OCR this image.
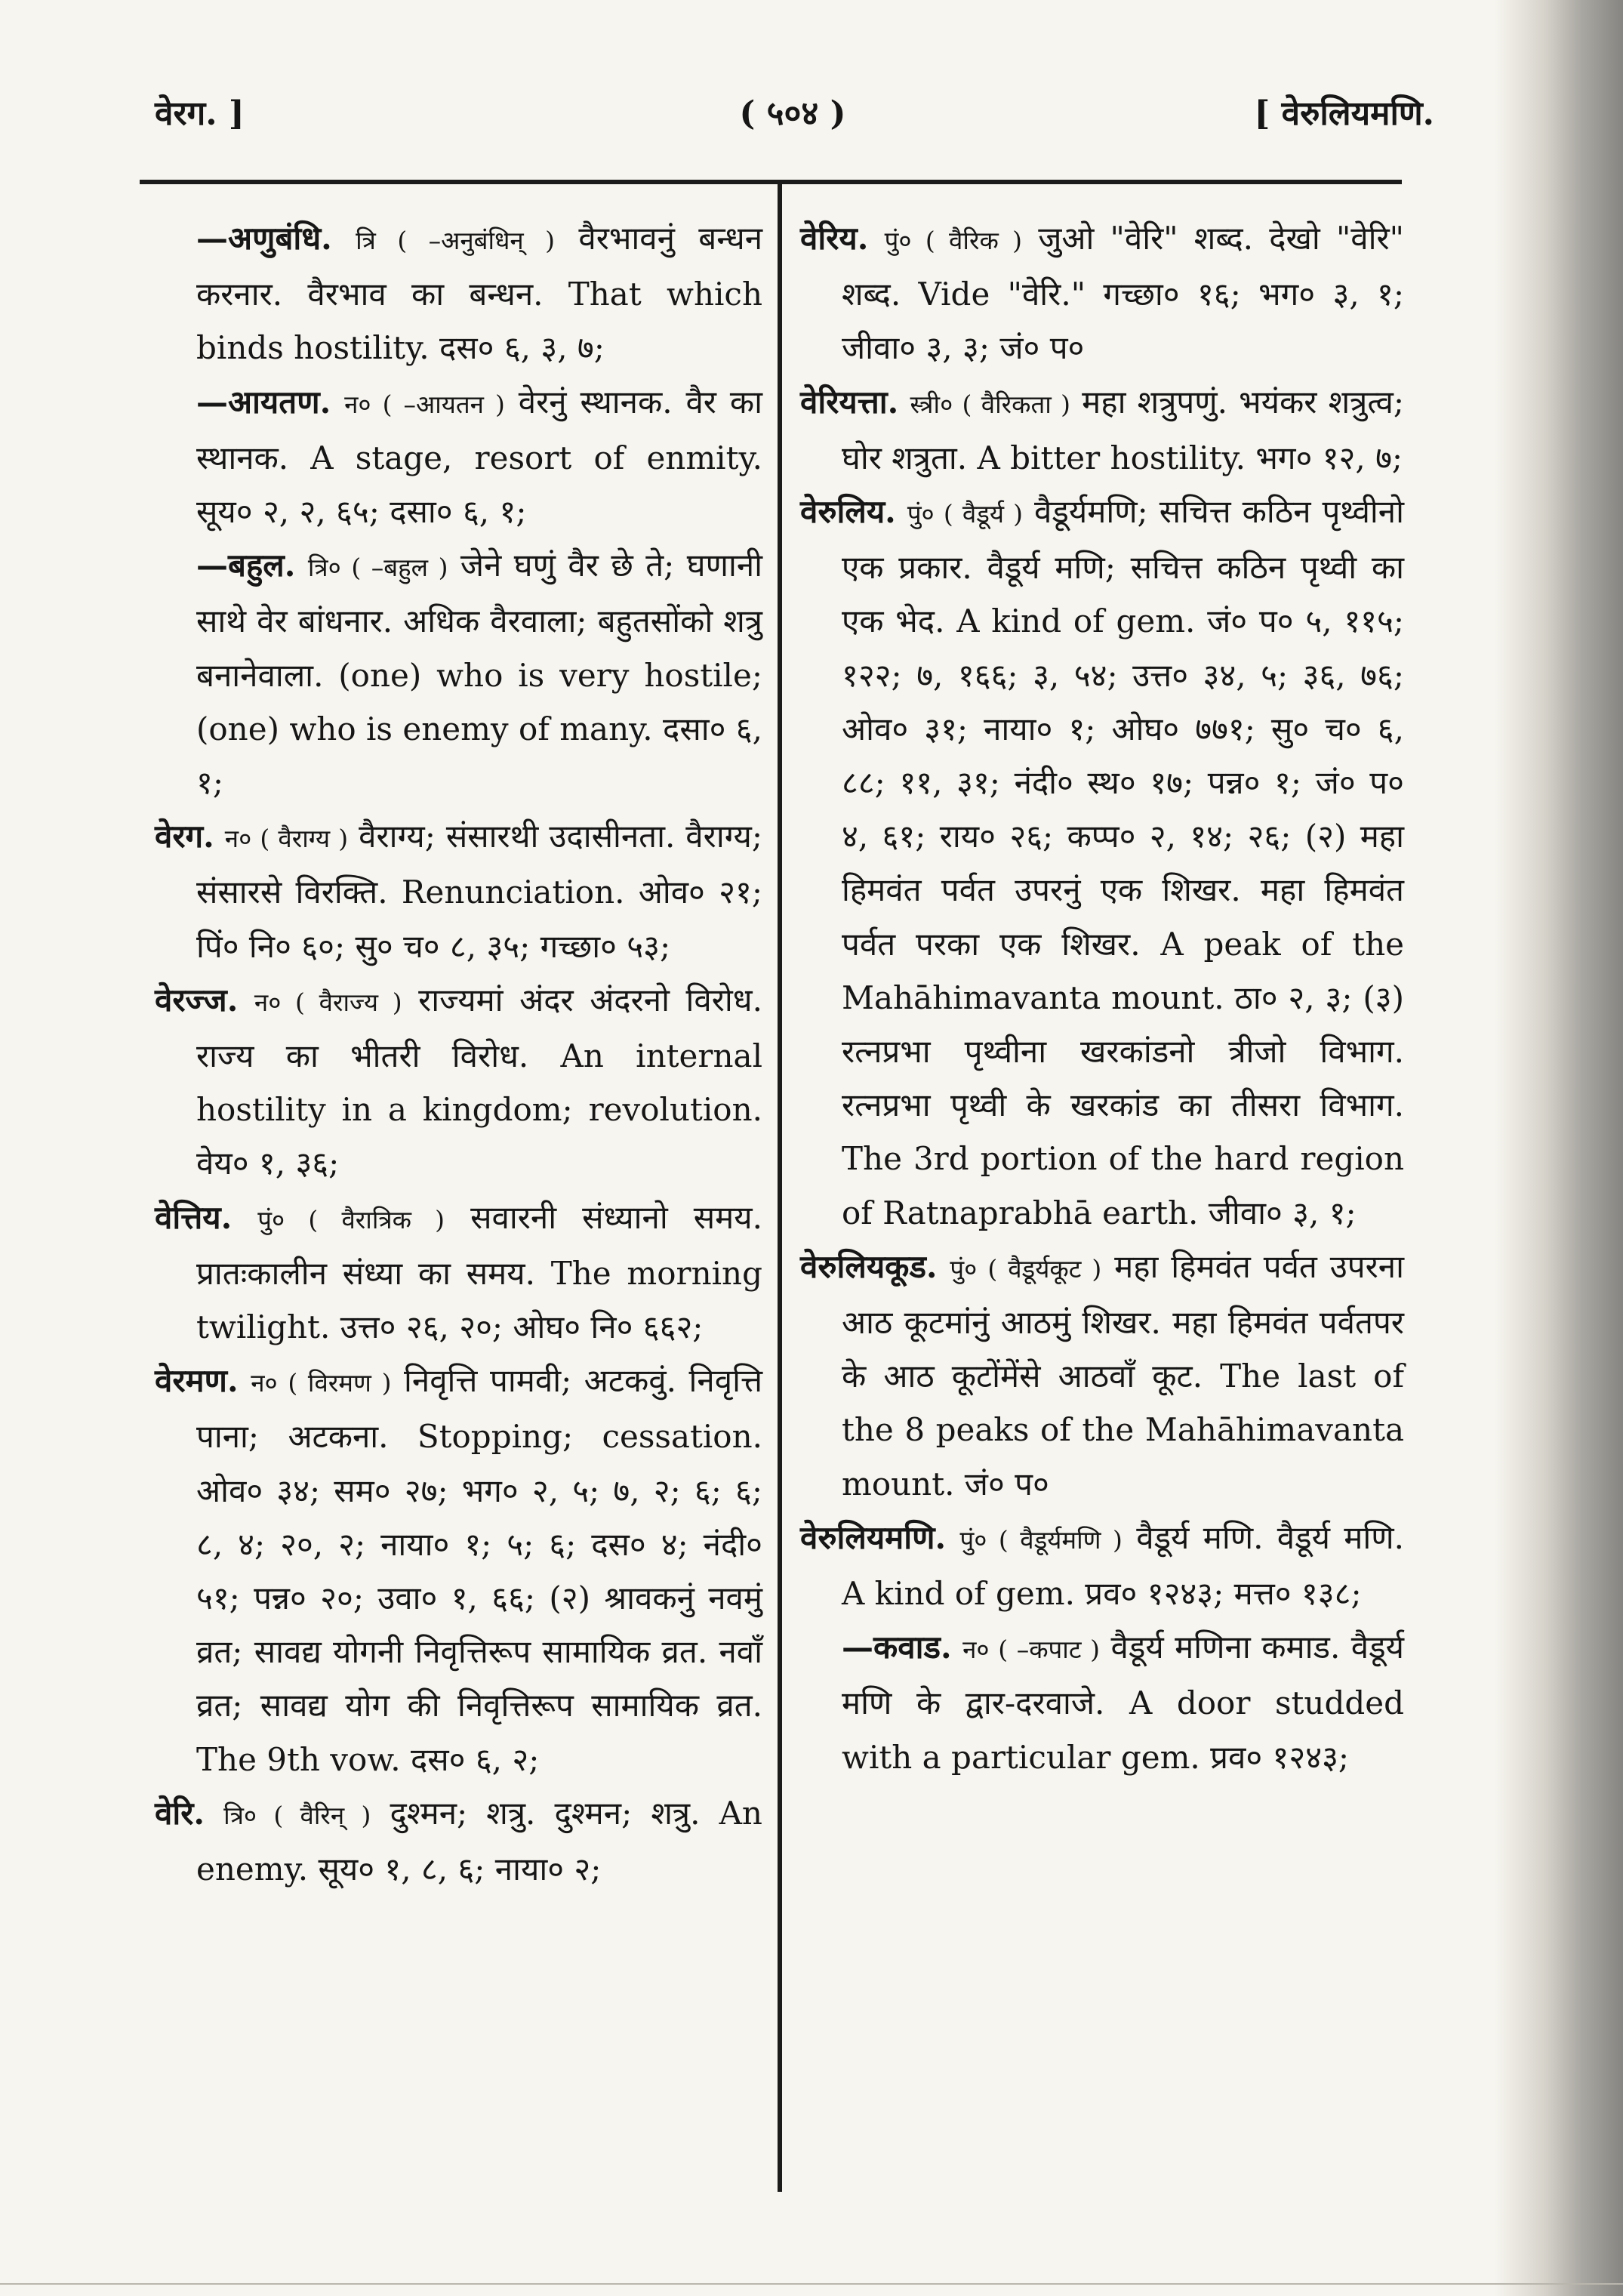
वेरग. ]	( ५०४ )	[ वेरुलियमणि.

—अणुबंधि. त्रि ( –अनुबंधिन् ) वैरभावनुं बन्धन करनार. वैरभाव का बन्धन. That which binds hostility. दस० ६, ३, ७;

—आयतण. न० ( –आयतन ) वेरनुं स्थानक. वैर का स्थानक. A stage, resort of enmity. सूय० २, २, ६५; दसा० ६, १;

—बहुल. त्रि० ( –बहुल ) जेने घणुं वैर छे ते; घणानी साथे वेर बांधनार. अधिक वैरवाला; बहुतसोंको शत्रु बनानेवाला. (one) who is very hostile; (one) who is enemy of many. दसा० ६, १;

वेरग. न० ( वैराग्य ) वैराग्य; संसारथी उदासीनता. वैराग्य; संसारसे विरक्ति. Renunciation. ओव० २१; पिं० नि० ६०; सु० च० ८, ३५; गच्छा० ५३;

वेरज्ज. न० ( वैराज्य ) राज्यमां अंदर अंदरनो विरोध. राज्य का भीतरी विरोध. An internal hostility in a kingdom; revolution. वेय० १, ३६;

वेत्तिय. पुं० ( वैरात्रिक ) सवारनी संध्यानो समय. प्रातःकालीन संध्या का समय. The morning twilight. उत्त० २६, २०; ओघ० नि० ६६२;

वेरमण. न० ( विरमण ) निवृत्ति पामवी; अटकवुं. निवृत्ति पाना; अटकना. Stopping; cessation. ओव० ३४; सम० २७; भग० २, ५; ७, २; ६; ६; ८, ४; २०, २; नाया० १; ५; ६; दस० ४; नंदी० ५१; पन्न० २०; उवा० १, ६६; (२) श्रावकनुं नवमुं व्रत; सावद्य योगनी निवृत्तिरूप सामायिक व्रत. नवाँ व्रत; सावद्य योग की निवृत्तिरूप सामायिक व्रत. The 9th vow. दस० ६, २;

वेरि. त्रि० ( वैरिन् ) दुश्मन; शत्रु. दुश्मन; शत्रु. An enemy. सूय० १, ८, ६; नाया० २;

वेरिय. पुं० ( वैरिक ) जुओ "वेरि" शब्द. देखो "वेरि" शब्द. Vide "वेरि." गच्छा० १६; भग० ३, १; जीवा० ३, ३; जं० प०

वेरियत्ता. स्त्री० ( वैरिकता ) महा शत्रुपणुं. भयंकर शत्रुत्व; घोर शत्रुता. A bitter hostility. भग० १२, ७;

वेरुलिय. पुं० ( वैडूर्य ) वैडूर्यमणि; सचित्त कठिन पृथ्वीनो एक प्रकार. वैडूर्य मणि; सचित्त कठिन पृथ्वी का एक भेद. A kind of gem. जं० प० ५, ११५; १२२; ७, १६६; ३, ५४; उत्त० ३४, ५; ३६, ७६; ओव० ३१; नाया० १; ओघ० ७७१; सु० च० ६, ८८; ११, ३१; नंदी० स्थ० १७; पन्न० १; जं० प० ४, ६१; राय० २६; कप्प० २, १४; २६; (२) महा हिमवंत पर्वत उपरनुं एक शिखर. महा हिमवंत पर्वत परका एक शिखर. A peak of the Mahāhimavanta mount. ठा० २, ३; (३) रत्नप्रभा पृथ्वीना खरकांडनो त्रीजो विभाग. रत्नप्रभा पृथ्वी के खरकांड का तीसरा विभाग. The 3rd portion of the hard region of Ratnaprabhā earth. जीवा० ३, १;

वेरुलियकूड. पुं० ( वैडूर्यकूट ) महा हिमवंत पर्वत उपरना आठ कूटमांनुं आठमुं शिखर. महा हिमवंत पर्वतपर के आठ कूटोंमेंसे आठवाँ कूट. The last of the 8 peaks of the Mahāhimavanta mount. जं० प०

वेरुलियमणि. पुं० ( वैडूर्यमणि ) वैडूर्य मणि. वैडूर्य मणि. A kind of gem. प्रव० १२४३; मत्त० १३८;

—कवाड. न० ( –कपाट ) वैडूर्य मणिना कमाड. वैडूर्य मणि के द्वार-दरवाजे. A door studded with a particular gem. प्रव० १२४३;
